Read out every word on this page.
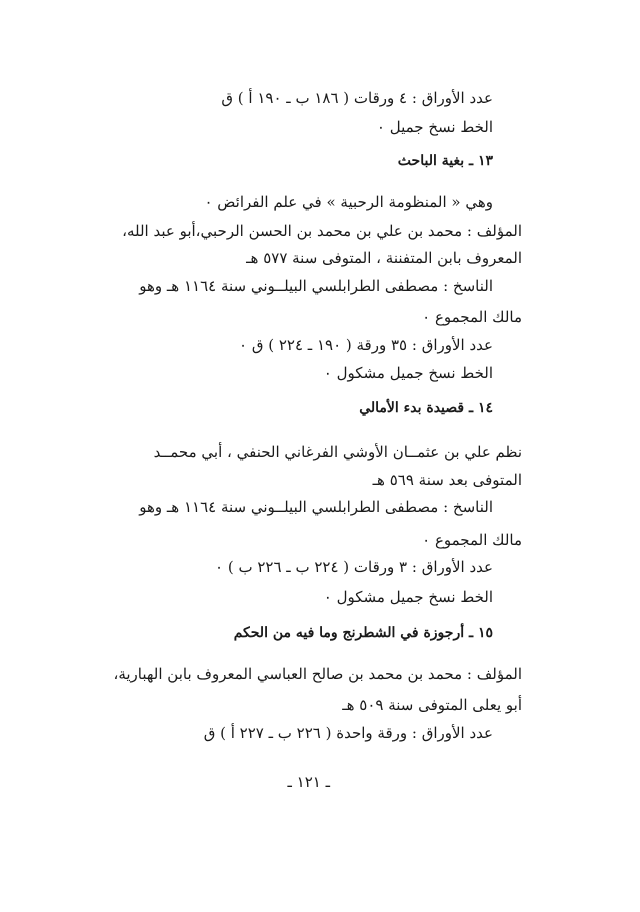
عدد الأوراق : ٤ ورقات ( ١٨٦ ب ـ ١٩٠ أ ) ق
الخط نسخ جميل ٠
١٣ ـ بغية الباحث
وهي « المنظومة الرحبية » في علم الفرائض ٠
المؤلف : محمد بن علي بن محمد بن الحسن الرحبي،أبو عبد الله،
المعروف بابن المتفننة ، المتوفى سنة ٥٧٧ هـ
الناسخ : مصطفى الطرابلسي البيلــوني سنة ١١٦٤ هـ وهو
مالك المجموع ٠
عدد الأوراق : ٣٥ ورقة ( ١٩٠ ـ ٢٢٤ ) ق ٠
الخط نسخ جميل مشكول ٠
١٤ ـ قصيدة بدء الأمالي
نظم علي بن عثمــان الأوشي الفرغاني الحنفي ، أبي محمــد
المتوفى بعد سنة ٥٦٩ هـ
الناسخ : مصطفى الطرابلسي البيلــوني سنة ١١٦٤ هـ وهو
مالك المجموع ٠
عدد الأوراق : ٣ ورقات ( ٢٢٤ ب ـ ٢٢٦ ب ) ٠
الخط نسخ جميل مشكول ٠
١٥ ـ أرجوزة في الشطرنج وما فيه من الحكم
المؤلف : محمد بن محمد بن صالح العباسي المعروف بابن الهبارية،
أبو يعلى المتوفى سنة ٥٠٩ هـ
عدد الأوراق : ورقة واحدة ( ٢٢٦ ب ـ ٢٢٧ أ ) ق
ـ ١٢١ ـ
